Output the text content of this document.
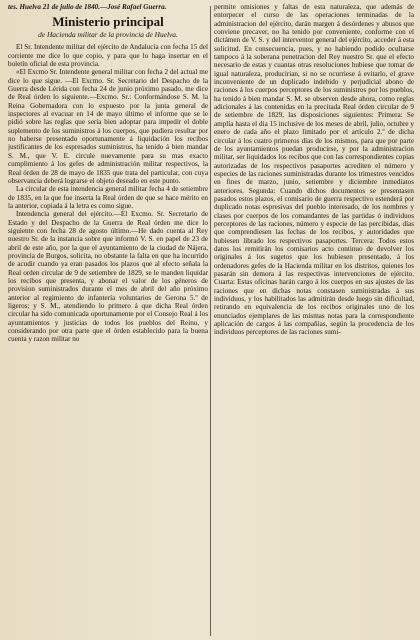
tes. Huelva 21 de julio de 1840.—José Rafael Guerra.

Ministerio principal
de Hacienda militar de la provincia de Huelva.

El Sr. Intendente militar del ejército de Andalucía con fecha 15 del corriente me dice lo que copio, y para que lo haga insertar en el boletín oficial de esta provincia.

«El Excmo Sr. Intendente general militar con fecha 2 del actual me dice lo que sigue. —El Excmo. Sr. Secretario del Despacho de la Guerra desde Lérida con fecha 24 de junio próximo pasado, me dice de Real órden lo siguiente.—Excmo. Sr.: Conformándose S. M. la Reina Gobernadora con lo expuesto por la junta general de inspectores al evacuar en 14 de mayo último el informe que se le pidió sobre las reglas que sería bien adoptar para impedir el doble suplemento de los suministros á los cuerpos, que pudiera resultar por no haberse presentado oportunamente á liquidación los recibos justificantes de los espresados suministros, ha tenido á bien mandar S. M., que V. E. circule nuevamente para su mas exacto cumplimiento á los gefes de administración militar respectivos, la Real órden de 28 de mayo de 1835 que trata del particular, con cuya observancia deberá lograrse el objeto deseado en este punto.

La circular de esta intendencia general militar fecha 4 de setiembre de 1835, en la que fue inserta la Real órden de que se hace mérito en la anterior, copiada á la letra es como sigue.

Intendencia general del ejército.—El Excmo. Sr. Secretario de Estado y del Despacho de la Guerra de Real órden me dice lo siguiente con fecha 28 de agosto último.—He dado cuenta al Rey nuestro Sr. de la instancia sobre que informó V. S. en papel de 23 de abril de este año, por la que el ayuntamiento de la ciudad de Nájera, provincia de Burgos, solicita, no obstante la falta en que ha incurrido de acudir cuando ya eran pasados los plazos que al efecto señala la Real orden circular de 9 de setiembre de 1829, se le manden liquidar los recibos que presenta, y abonar el valor de los géneros de provision suministrados durante el mes de abril del año próximo anterior al regimiento de infantería voluntarios de Gerona 5.º de ligeros; y S. M., atendiendo lo primero á que dicha Real órden circular ha sido comunicada oportunamente por el Consejo Real á los ayuntamientos y justicias de todos los pueblos del Reino, y considerando por otra parte que el órden establecido para la buena cuenta y razon militar no

permite omisiones y faltas de esta naturaleza, que además de entorpecer el curso de las operaciones terminadas de la administracion del ejército, darán margen á desórdenes y abusos que conviene precaver, no ha tenido por conveniente, conforme con el dictámen de V. S. y del interventor general del ejército, acceder á esta solicitud. En consecuencia, pues, y no habiendo podido ocultarse tampoco á la soberana penetracion del Rey nuestro Sr. que el efecto necesario de estas y cuantas otras resoluciones hubiese que tomar de igual naturaleza, producirian, si no se ocurriese á evitarlo, el grave inconveniente de un duplicado indebido y perjudicial abono de raciones á los cuerpos perceptores de los suministros por los pueblos, ha tenido á bien mandar S. M. se observen desde ahora, como reglas adicionales á las contenidas en la precitada Real órden circular de 9 de setiembre de 1829, las disposiciones siguientes: Primera: Se amplía hasta el dia 15 inclusive de los meses de abril, julio, octubre y enero de cada año el plazo limitado por el artículo 2.º de dicha circular á los cuatro primeros días de los mismos, para que por parte de los ayuntamientos puedan producirse, y por la administracion militar, ser liquidados los recibos que con las correspondientes copias autorizadas de los respectivos pasaportes acrediten el número y especies de las raciones suministradas durante los trimestres vencidos en fines de marzo, junio, setiembre y diciembre inmediatos anteriores. Segunda: Cuando dichos documentos se presentasen pasados estos plazos, el comisario de guerra respectivo estenderá por duplicado notas espresivas del pueblo interesado, de los nombres y clases por cuerpos de los comandantes de las partidas ó individuos perceptores de las raciones, número y especie de las percibidas, días que comprendiesen las fechas de los recibos, y autoridades que hubiesen librado los respectivos pasaportes. Tercera: Todos estos datos los remitirán los comisarios acto continuo de devolver los originales á los sugetos que los hubiesen presentado, á los ordenadores gefes de la Hacienda militar en los distritos, quienes los pasarán sin demora á las respectivas intervenciones de ejército. Cuarta: Estas oficinas harán cargo á los cuerpos en sus ajustes de las raciones que en dichas notas constasen suministradas á sus individuos, y los habilitados las admitirán desde luego sin dificultad, retirando en equivalencia de los recibos originales uno de los enunciados ejemplares de las mismas notas para la correspondiente aplicación de cargos á las compañías, según la procedencia de los individuos perceptores de las raciones sumi-
